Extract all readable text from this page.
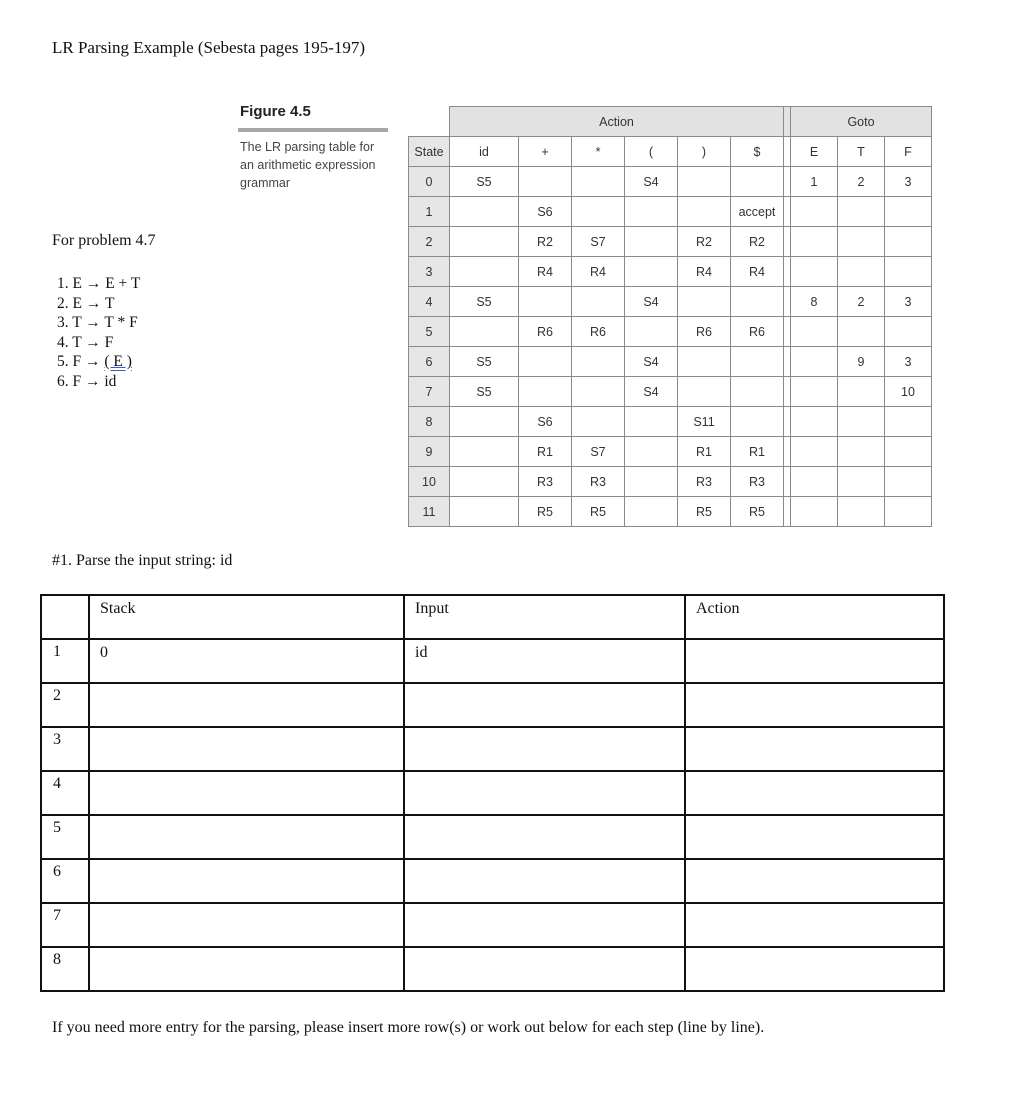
LR Parsing Example (Sebesta pages 195-197)
Figure 4.5
The LR parsing table for an arithmetic expression grammar
For problem 4.7
1. E → E + T
2. E → T
3. T → T * F
4. T → F
5. F → ( E )
6. F → id
	Action							Goto		
State	id	+	*	(	)	$		E	T	F
0	S5			S4				1	2	3
1		S6				accept				
2		R2	S7		R2	R2				
3		R4	R4		R4	R4				
4	S5			S4				8	2	3
5		R6	R6		R6	R6				
6	S5			S4					9	3
7	S5			S4						10
8		S6			S11					
9		R1	S7		R1	R1				
10		R3	R3		R3	R3				
11		R5	R5		R5	R5				
#1. Parse the input string: id
	Stack	Input	Action
1	0	id	
2			
3			
4			
5			
6			
7			
8			
If you need more entry for the parsing, please insert more row(s) or work out below for each step (line by line).
